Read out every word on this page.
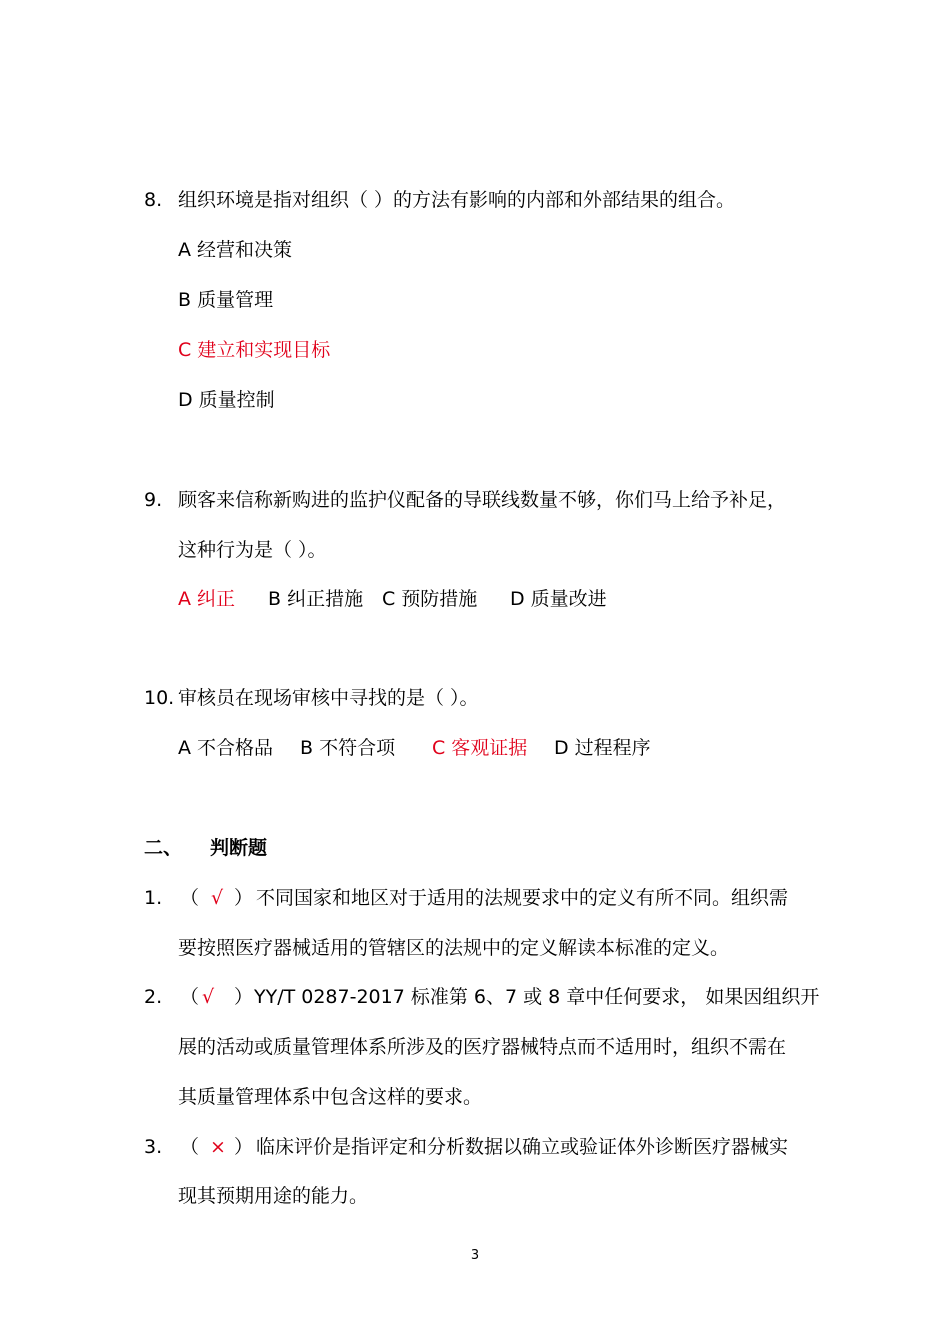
8. 组织环境是指对组织（ ）的方法有影响的内部和外部结果的组合。
A 经营和决策
B 质量管理
C 建立和实现目标
D 质量控制
9. 顾客来信称新购进的监护仪配备的导联线数量不够，你们马上给予补足，
这种行为是（ ）。
A 纠正 B 纠正措施 C 预防措施 D 质量改进
10. 审核员在现场审核中寻找的是（ ）。
A 不合格品 B 不符合项 C 客观证据 D 过程程序
二、 判断题
1. （ √ ） 不同国家和地区对于适用的法规要求中的定义有所不同。组织需
要按照医疗器械适用的管辖区的法规中的定义解读本标准的定义。
2. （ √ ） YY/T 0287-2017 标准第 6、7 或 8 章中任何要求， 如果因组织开
展的活动或质量管理体系所涉及的医疗器械特点而不适用时，组织不需在
其质量管理体系中包含这样的要求。
3. （ × ） 临床评价是指评定和分析数据以确立或验证体外诊断医疗器械实
现其预期用途的能力。
3
